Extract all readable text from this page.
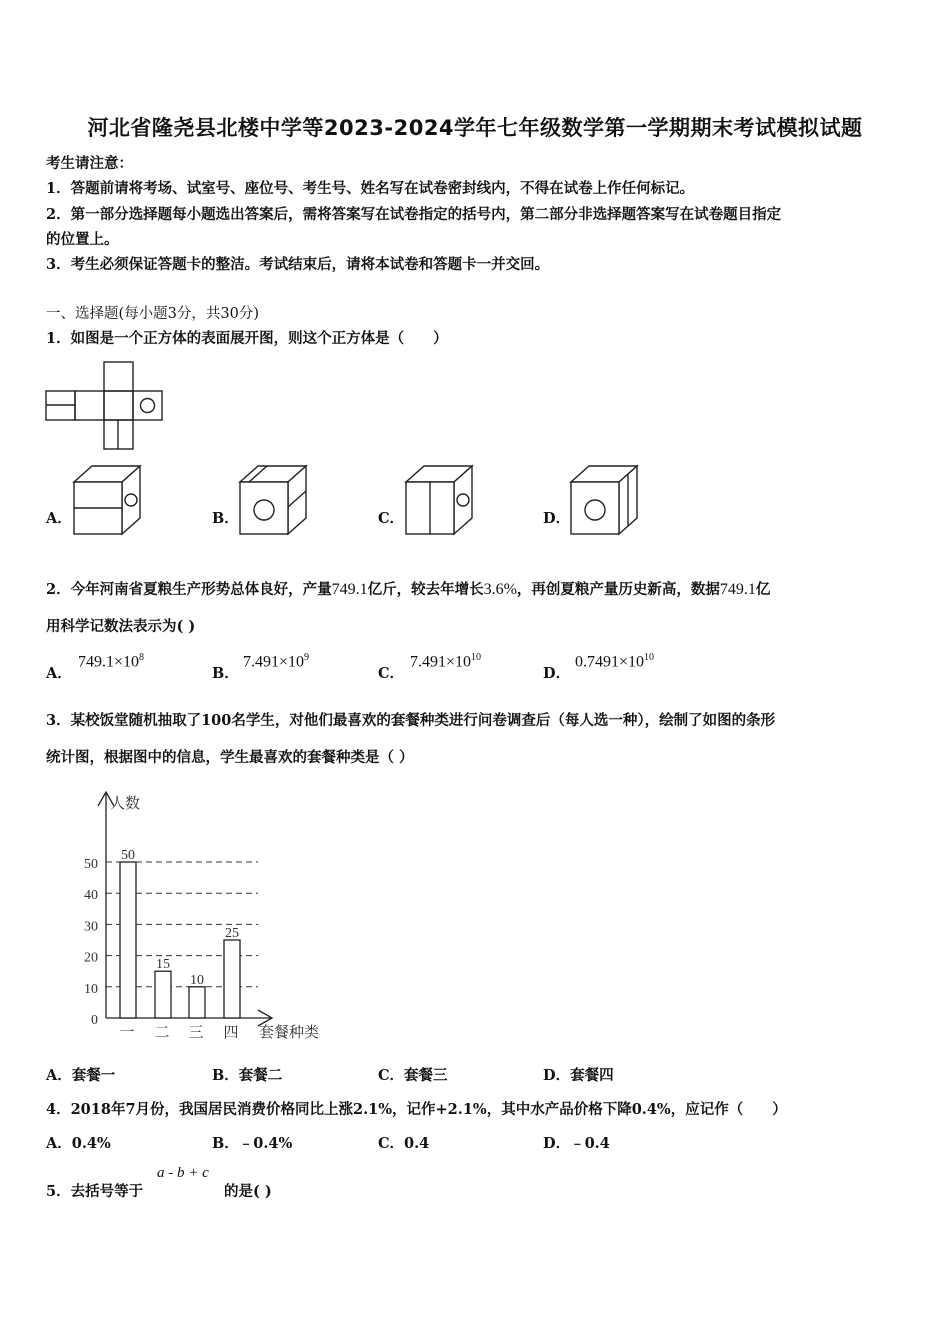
河北省隆尧县北楼中学等2023-2024学年七年级数学第一学期期末考试模拟试题
考生请注意：
1．答题前请将考场、试室号、座位号、考生号、姓名写在试卷密封线内，不得在试卷上作任何标记。
2．第一部分选择题每小题选出答案后，需将答案写在试卷指定的括号内，第二部分非选择题答案写在试卷题目指定
的位置上。
3．考生必须保证答题卡的整洁。考试结束后，请将本试卷和答题卡一并交回。
一、选择题(每小题3分，共30分)
1．如图是一个正方体的表面展开图，则这个正方体是（　　）
A．	B．	C．	D．
2．今年河南省夏粮生产形势总体良好，产量749.1亿斤，较去年增长3.6%，再创夏粮产量历史新高，数据749.1亿
用科学记数法表示为( )
A．
$749.1\times 10^8$
B．
$7.491\times 10^9$
C．
$7.491\times 10^{10}$
D．
$0.7491\times 10^{10}$
3．某校饭堂随机抽取了100名学生，对他们最喜欢的套餐种类进行问卷调查后（每人选一种），绘制了如图的条形
统计图，根据图中的信息，学生最喜欢的套餐种类是（ ）
人数
0
10
20
30
40
50
50
一
15
二
10
三
25
四 套餐种类
A．套餐一	B．套餐二	C．套餐三	D．套餐四
4．2018年7月份，我国居民消费价格同比上涨2.1%，记作+2.1%，其中水产品价格下降0.4%，应记作（　　）
A．0.4%	B．﹣0.4%	C．0.4	D．﹣0.4
5．去括号等于
a - b + c
的是( )
